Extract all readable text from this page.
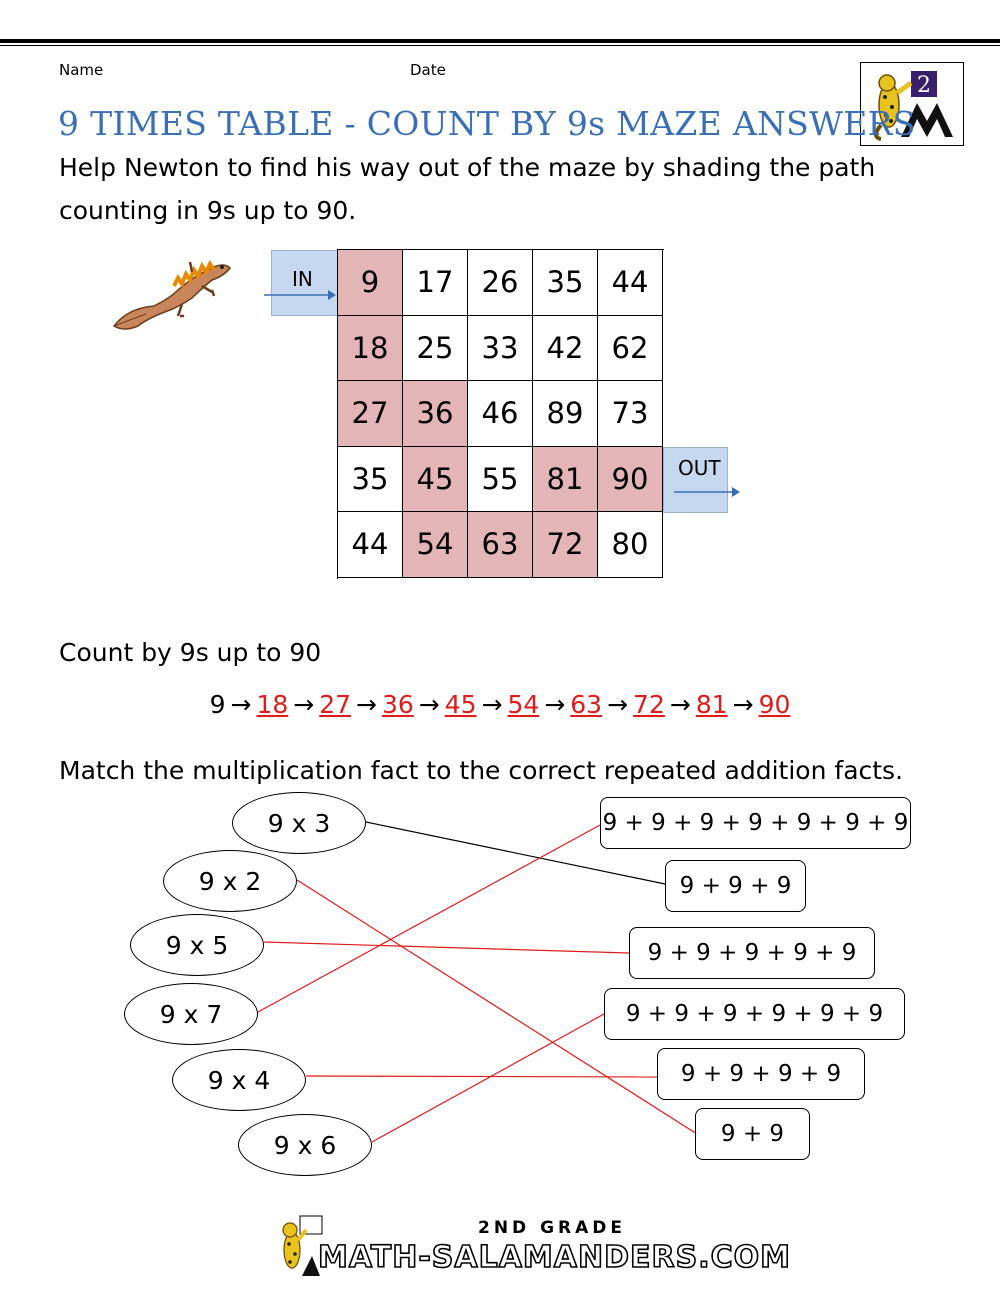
Name	Date
2
9 TIMES TABLE - COUNT BY 9s MAZE ANSWERS
Help Newton to find his way out of the maze by shading the path
counting in 9s up to 90.
IN
OUT
9	17 26 35 44
18 25 33 42 62
27 36 46 89 73
35 45 55 81 90
44 54 63 72 80
Count by 9s up to 90
9 → 18 → 27 → 36 → 45 → 54 → 63 → 72 → 81 → 90
Match the multiplication fact to the correct repeated addition facts.
9 x 3
9 x 2
9 x 5
9 x 7
9 x 4
9 x 6
9 + 9 + 9 + 9 + 9 + 9 + 9
9 + 9 + 9
9 + 9 + 9 + 9 + 9
9 + 9 + 9 + 9 + 9 + 9
9 + 9 + 9 + 9
9 + 9
2ND GRADE
MATH-SALAMANDERS.COM
